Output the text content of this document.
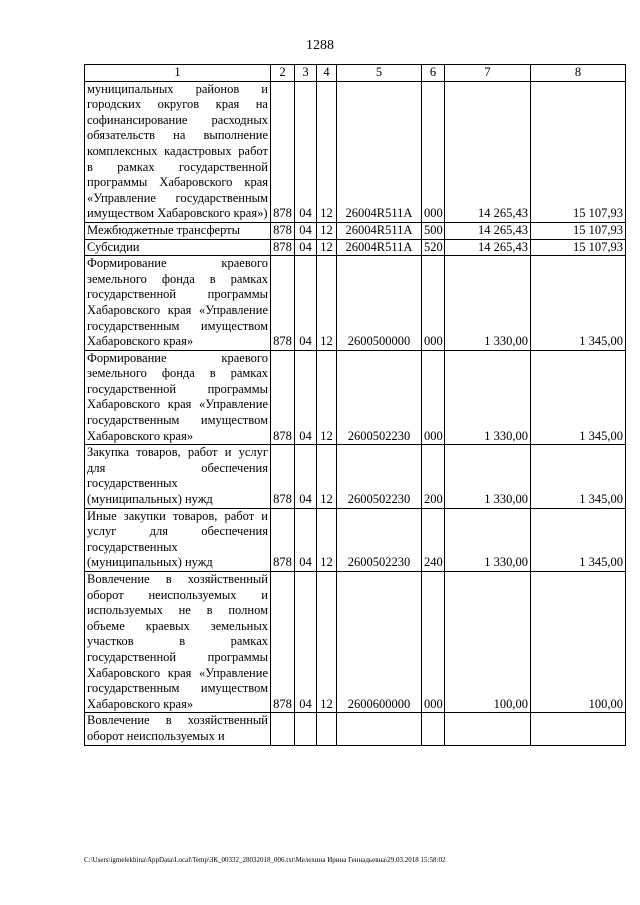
1288
1	2	3	4	5	6	7	8
муниципальных районов и городских округов края на софинансирование расходных обязательств на выполнение комплексных кадастровых работ в рамках государственной программы Хабаровского края «Управление государственным имуществом Хабаровского края»)	878	04	12	26004R511A	000	14 265,43	15 107,93
Межбюджетные трансферты	878	04	12	26004R511A	500	14 265,43	15 107,93
Субсидии	878	04	12	26004R511A	520	14 265,43	15 107,93
Формирование краевого земельного фонда в рамках государственной программы Хабаровского края «Управление государственным имуществом Хабаровского края»	878	04	12	2600500000	000	1 330,00	1 345,00
Формирование краевого земельного фонда в рамках государственной программы Хабаровского края «Управление государственным имуществом Хабаровского края»	878	04	12	2600502230	000	1 330,00	1 345,00
Закупка товаров, работ и услуг для обеспечения государственных (муниципальных) нужд	878	04	12	2600502230	200	1 330,00	1 345,00
Иные закупки товаров, работ и услуг для обеспечения государственных (муниципальных) нужд	878	04	12	2600502230	240	1 330,00	1 345,00
Вовлечение в хозяйственный оборот неиспользуемых и используемых не в полном объеме краевых земельных участков в рамках государственной программы Хабаровского края «Управление государственным имуществом Хабаровского края»	878	04	12	2600600000	000	100,00	100,00
Вовлечение в хозяйственный оборот неиспользуемых и							
C:\Users\igmelekhina\AppData\Local\Temp\ЗК_00332_28032018_006.txt\Мелехина Ирина Геннадьевна\29.03.2018 15:58:02
